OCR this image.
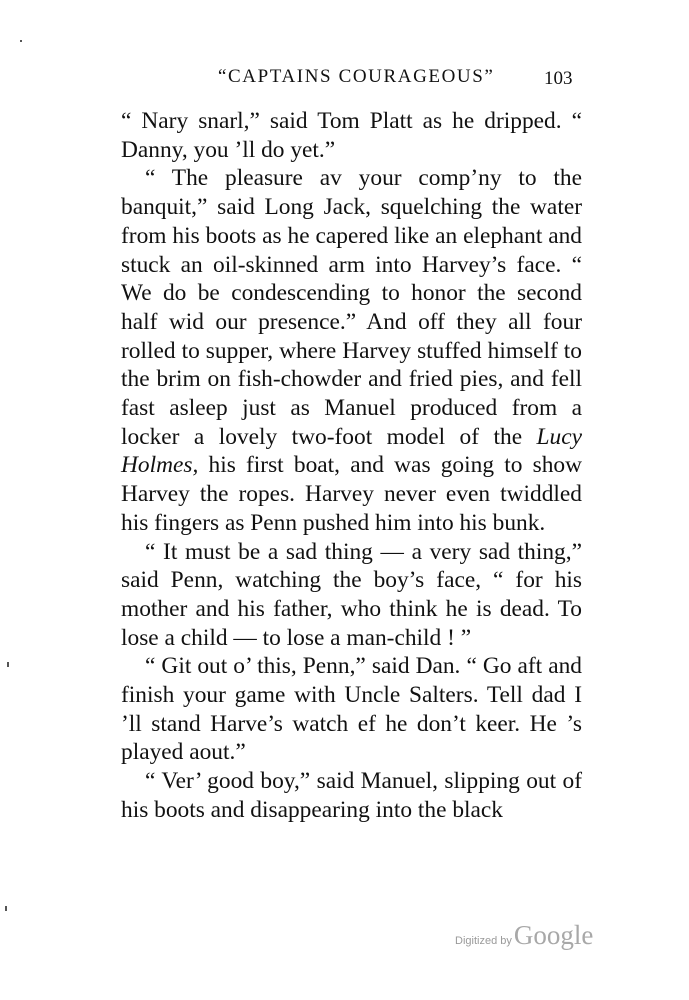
“CAPTAINS COURAGEOUS”	103

“ Nary snarl,” said Tom Platt as he dripped. “ Danny, you ’ll do yet.”

“ The pleasure av your comp’ny to the banquit,” said Long Jack, squelching the water from his boots as he capered like an elephant and stuck an oil-skinned arm into Harvey’s face. “ We do be condescending to honor the second half wid our presence.” And off they all four rolled to supper, where Harvey stuffed himself to the brim on fish-chowder and fried pies, and fell fast asleep just as Manuel produced from a locker a lovely two-foot model of the Lucy Holmes, his first boat, and was going to show Harvey the ropes. Harvey never even twiddled his fingers as Penn pushed him into his bunk.

“ It must be a sad thing — a very sad thing,” said Penn, watching the boy’s face, “ for his mother and his father, who think he is dead. To lose a child — to lose a man-child ! ”

“ Git out o’ this, Penn,” said Dan. “ Go aft and finish your game with Uncle Salters. Tell dad I ’ll stand Harve’s watch ef he don’t keer. He ’s played aout.”

“ Ver’ good boy,” said Manuel, slipping out of his boots and disappearing into the black

Digitized byGoogle
